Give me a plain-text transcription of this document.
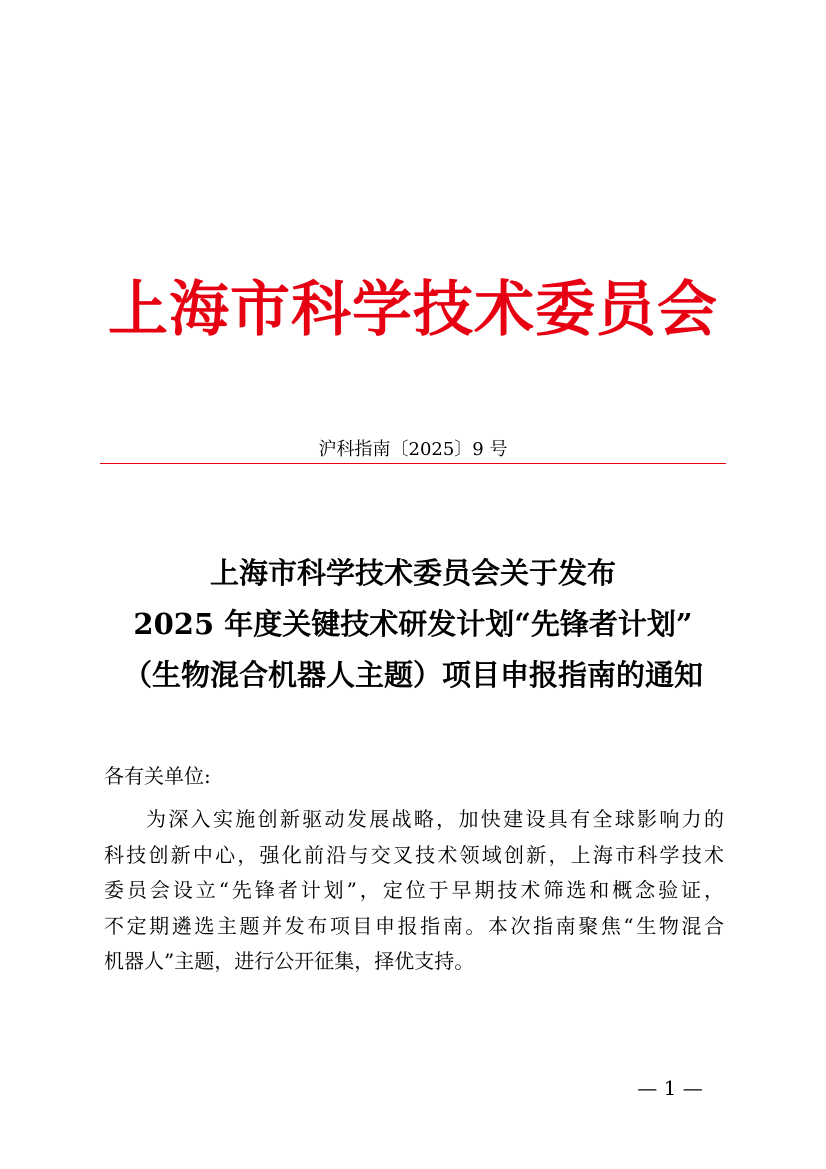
上海市科学技术委员会
沪科指南〔2025〕9 号
上海市科学技术委员会关于发布
2025 年度关键技术研发计划“先锋者计划”
（生物混合机器人主题）项目申报指南的通知
各有关单位:
为深入实施创新驱动发展战略，加快建设具有全球影响力的
科技创新中心，强化前沿与交叉技术领域创新，上海市科学技术
委员会设立“先锋者计划”，定位于早期技术筛选和概念验证，
不定期遴选主题并发布项目申报指南。本次指南聚焦“生物混合
机器人”主题，进行公开征集，择优支持。
— 1 —
